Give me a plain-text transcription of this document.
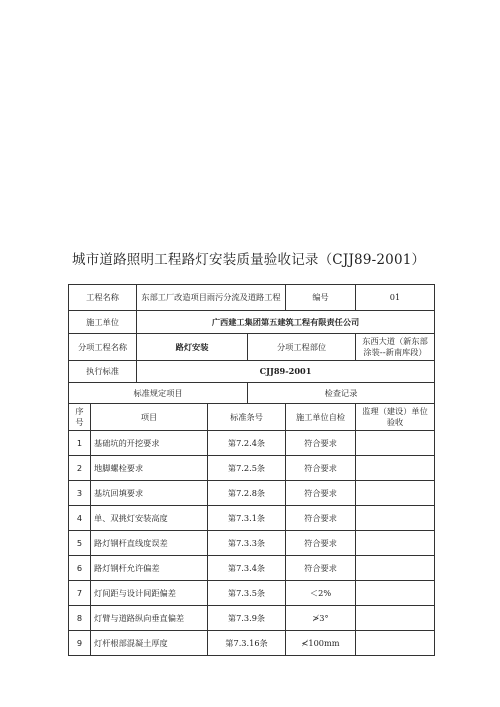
城市道路照明工程路灯安装质量验收记录（CJJ89-2001）
工程名称		东部工厂改造项目雨污分流及道路工程			编号	01
施工单位		广西建工集团第五建筑工程有限责任公司				
分项工程名称		路灯安装		分项工程部位		东西大道（新东部涂装--新南库段）
执行标准		CJJ89-2001				
标准规定项目				检查记录		
序号	项目		标准条号		施工单位自检	监理（建设）单位验收
1	基础坑的开挖要求		第7.2.4条		符合要求	
2	地脚螺栓要求		第7.2.5条		符合要求	
3	基坑回填要求		第7.2.8条		符合要求	
4	单、双挑灯安装高度		第7.3.1条		符合要求	
5	路灯钢杆直线度误差		第7.3.3条		符合要求	
6	路灯钢杆允许偏差		第7.3.4条		符合要求	
7	灯间距与设计间距偏差		第7.3.5条		＜2%	
8	灯臂与道路纵向垂直偏差		第7.3.9条		≯3°	
9	灯杆根部混凝土厚度		第7.3.16条		≮100mm	
